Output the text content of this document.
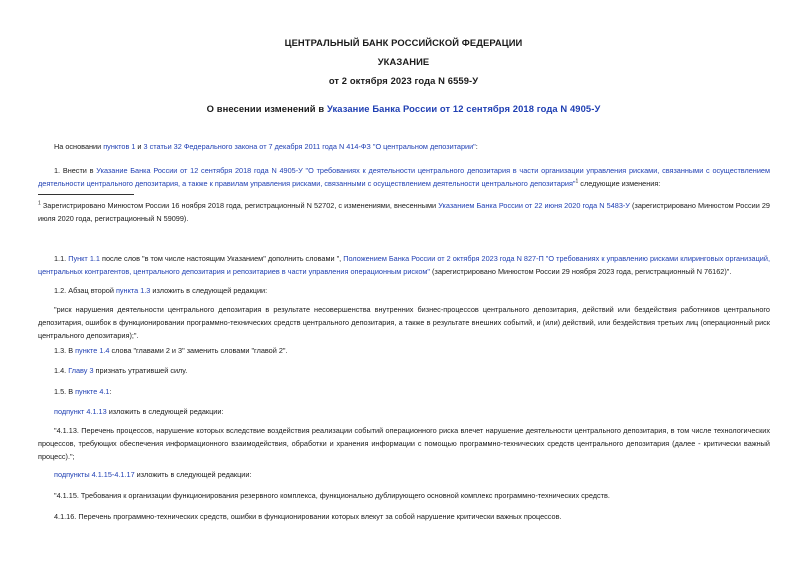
ЦЕНТРАЛЬНЫЙ БАНК РОССИЙСКОЙ ФЕДЕРАЦИИ
УКАЗАНИЕ
от 2 октября 2023 года N 6559-У
О внесении изменений в Указание Банка России от 12 сентября 2018 года N 4905-У
На основании пунктов 1 и 3 статьи 32 Федерального закона от 7 декабря 2011 года N 414-ФЗ "О центральном депозитарии":
1. Внести в Указание Банка России от 12 сентября 2018 года N 4905-У "О требованиях к деятельности центрального депозитария в части организации управления рисками, связанными с осуществлением деятельности центрального депозитария, а также к правилам управления рисками, связанными с осуществлением деятельности центрального депозитария"$^1$ следующие изменения:
$^1$ Зарегистрировано Минюстом России 16 ноября 2018 года, регистрационный N 52702, с изменениями, внесенными Указанием Банка России от 22 июня 2020 года N 5483-У (зарегистрировано Минюстом России 29 июля 2020 года, регистрационный N 59099).
1.1. Пункт 1.1 после слов "в том числе настоящим Указанием" дополнить словами ", Положением Банка России от 2 октября 2023 года N 827-П "О требованиях к управлению рисками клиринговых организаций, центральных контрагентов, центрального депозитария и репозитариев в части управления операционным риском" (зарегистрировано Минюстом России 29 ноября 2023 года, регистрационный N 76162)".
1.2. Абзац второй пункта 1.3 изложить в следующей редакции:
"риск нарушения деятельности центрального депозитария в результате несовершенства внутренних бизнес-процессов центрального депозитария, действий или бездействия работников центрального депозитария, ошибок в функционировании программно-технических средств центрального депозитария, а также в результате внешних событий, и (или) действий, или бездействия третьих лиц (операционный риск центрального депозитария);".
1.3. В пункте 1.4 слова "главами 2 и 3" заменить словами "главой 2".
1.4. Главу 3 признать утратившей силу.
1.5. В пункте 4.1:
подпункт 4.1.13 изложить в следующей редакции:
"4.1.13. Перечень процессов, нарушение которых вследствие воздействия реализации событий операционного риска влечет нарушение деятельности центрального депозитария, в том числе технологических процессов, требующих обеспечения информационного взаимодействия, обработки и хранения информации с помощью программно-технических средств центрального депозитария (далее - критически важный процесс).";
подпункты 4.1.15-4.1.17 изложить в следующей редакции:
"4.1.15. Требования к организации функционирования резервного комплекса, функционально дублирующего основной комплекс программно-технических средств.
4.1.16. Перечень программно-технических средств, ошибки в функционировании которых влекут за собой нарушение критически важных процессов.
